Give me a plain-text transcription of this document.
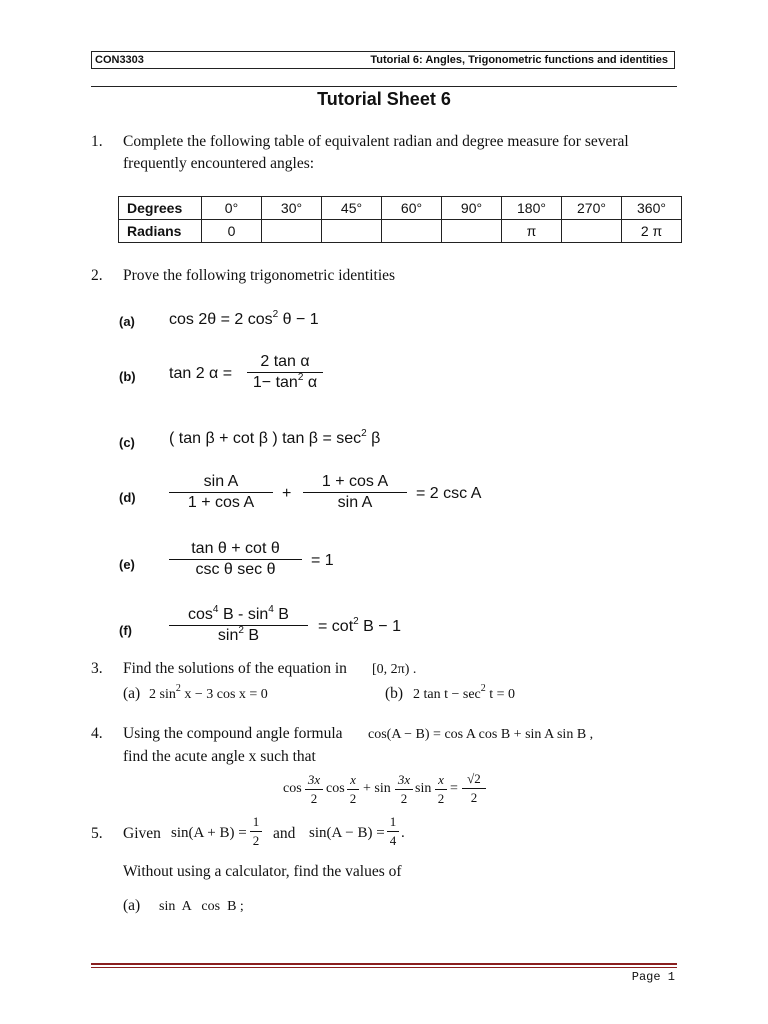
CON3303	Tutorial 6: Angles, Trigonometric functions and identities
Tutorial Sheet 6
1. Complete the following table of equivalent radian and degree measure for several
frequently encountered angles:
Degrees	0°	30°	45°	60°	90°	180°	270°	360°
Radians	0					π		2 π
2. Prove the following trigonometric identities
(a) cos 2θ = 2 $\cos^2 \theta - 1$
(b) tan 2 α =
2 tan α
$1- \tan^2 \alpha$
(c) ( tan β + cot β ) $\tan \beta = \sec^2 \beta$
(d)
sin A
1 + cos A
+
1 + cos A
sin A
= 2 csc A
(e)
tan θ + cot θ
csc θ sec θ
= 1
(f)
$\cos^4 B - \sin^4 B$
$\sin^2 B$
= $\cot^2 B - 1$
3. Find the solutions of the equation in [0, 2π) .
(a) 2 $\sin^2 x - 3$ cos x = 0	(b) 2 $\tan t - \sec^2 t = 0$
4. Using the compound angle formula cos(A − B) = cos A cos B + sin A sin B ,
find the acute angle x such that
cos
3x
2
cos
x
2
+ sin
3x
2
sin
x
2
=
√2
2
5. Given sin(A + B) =
1
2 and sin(A − B) =
1
4 .
Without using a calculator, find the values of
(a) sin  A   cos  B ;
Page 1
